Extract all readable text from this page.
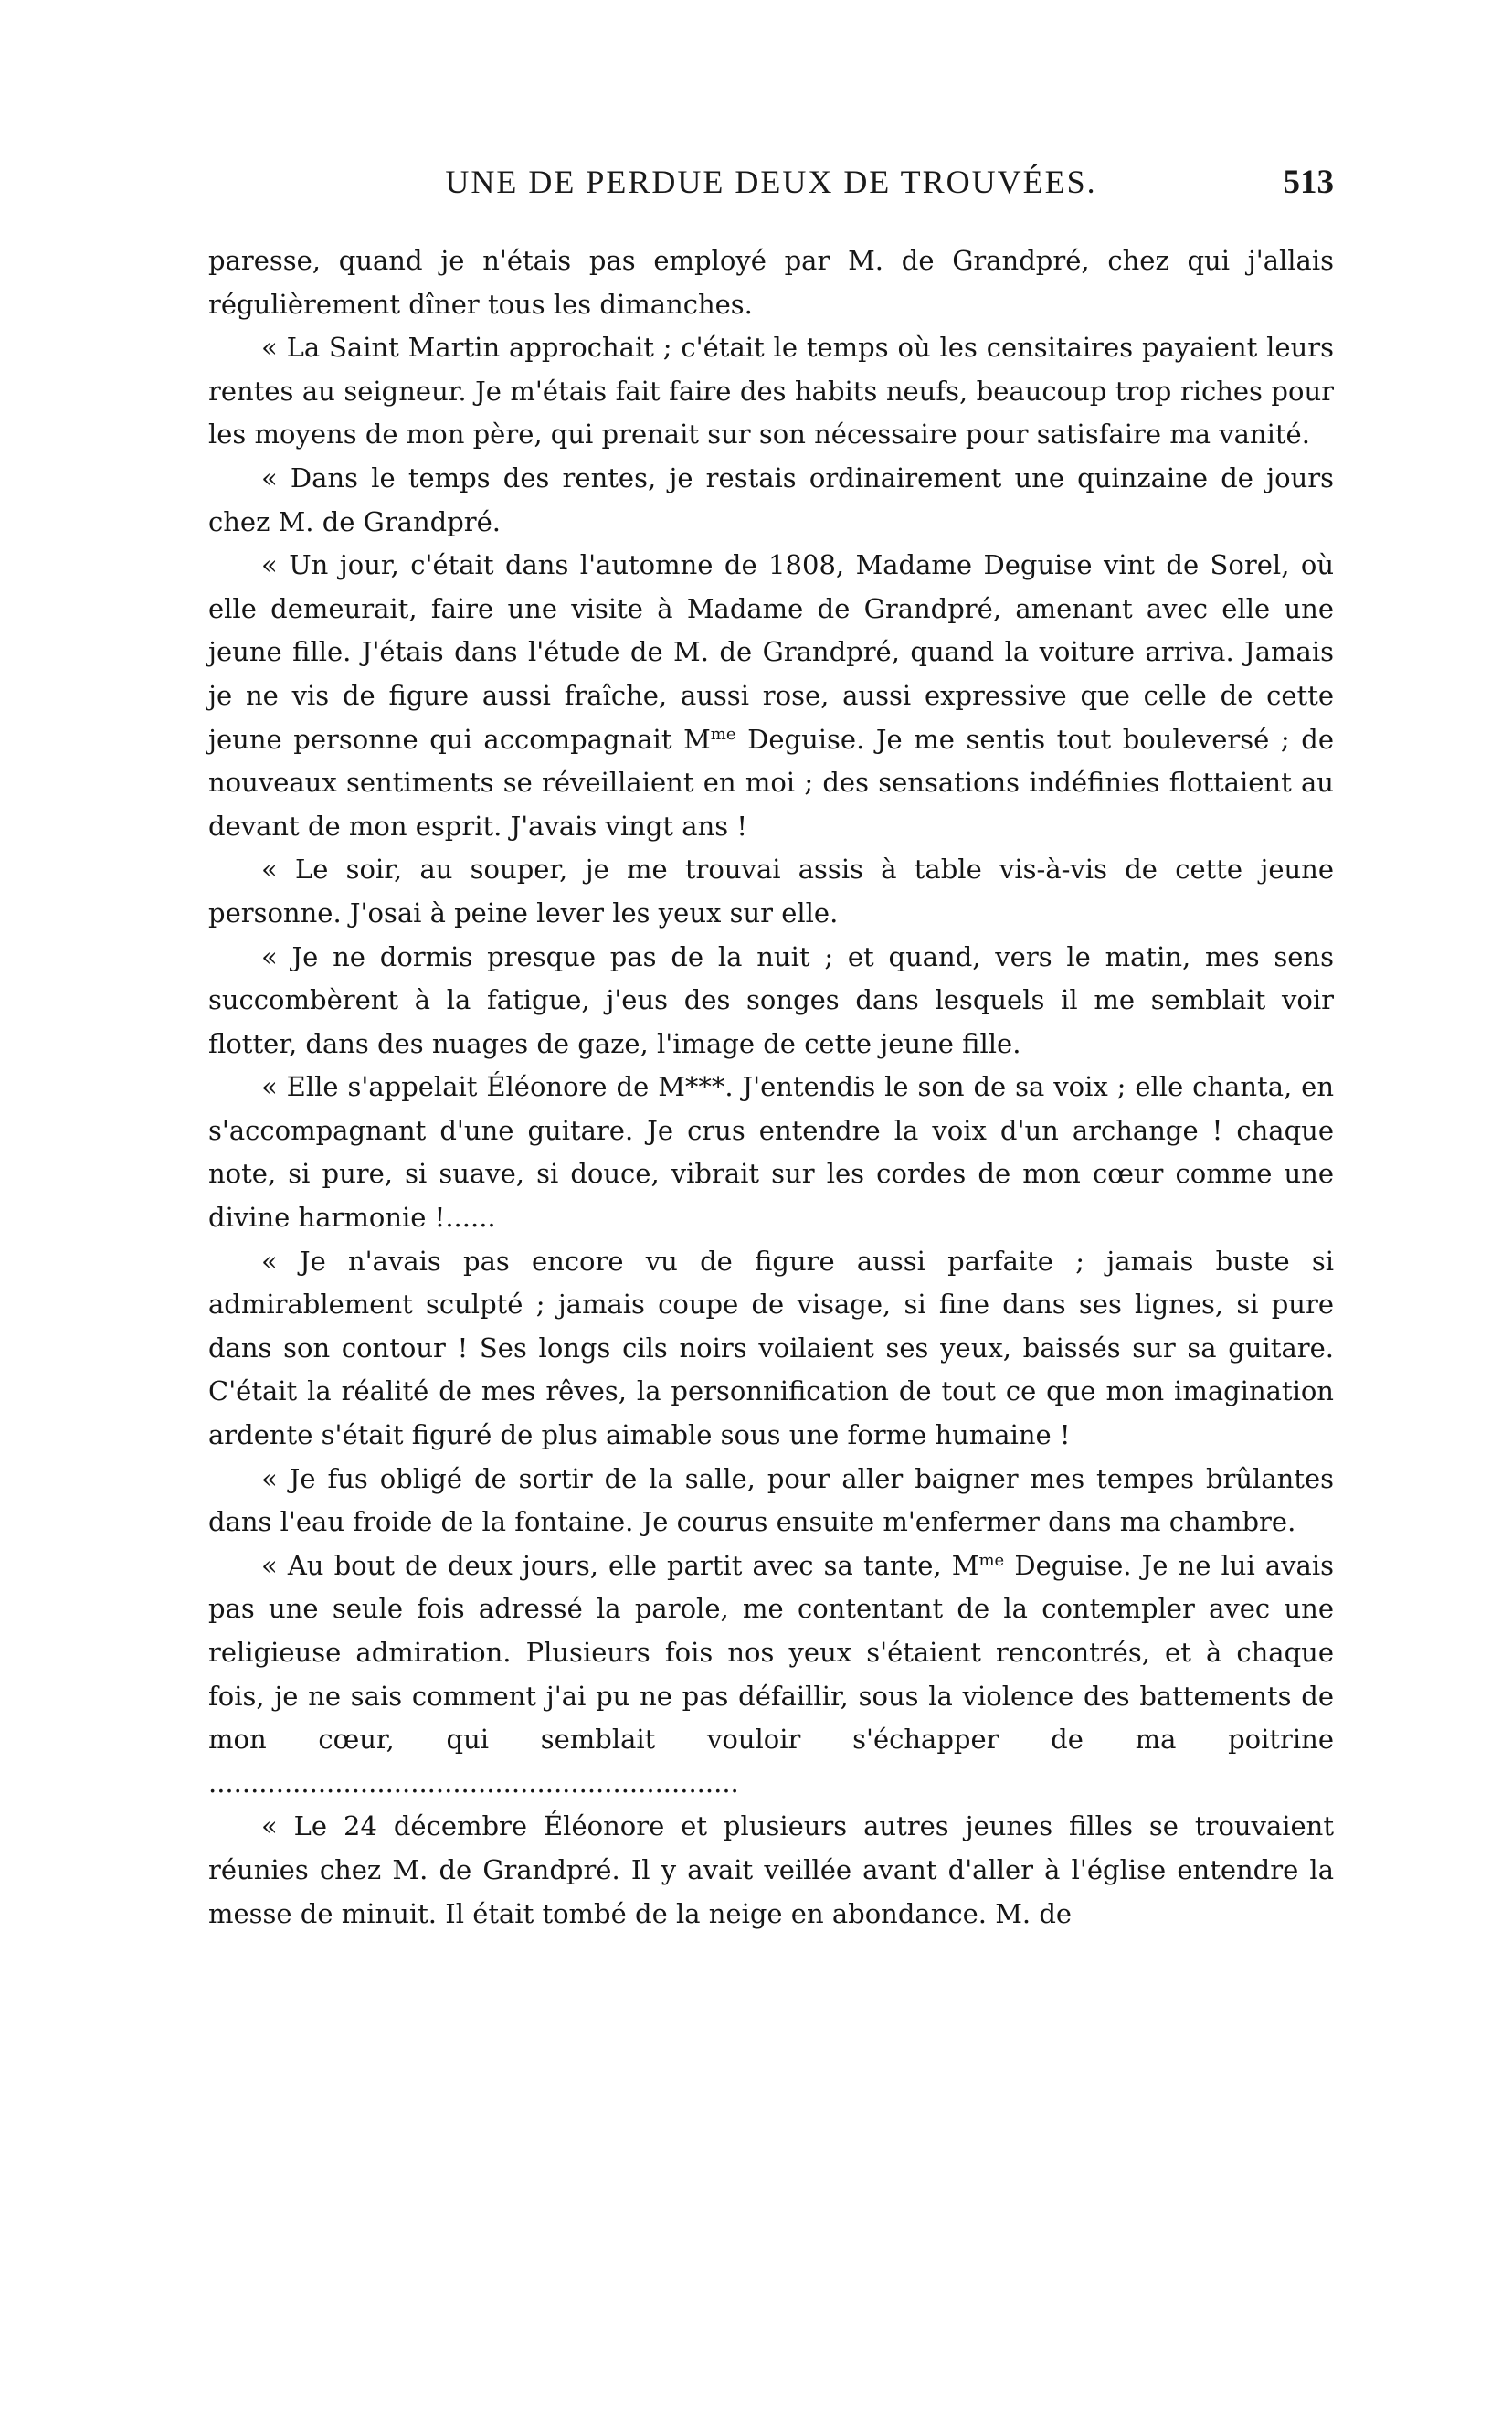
UNE DE PERDUE DEUX DE TROUVÉES.	513

paresse, quand je n'étais pas employé par M. de Grandpré, chez qui j'allais régulièrement dîner tous les dimanches.

« La Saint Martin approchait ; c'était le temps où les censitaires payaient leurs rentes au seigneur. Je m'étais fait faire des habits neufs, beaucoup trop riches pour les moyens de mon père, qui prenait sur son nécessaire pour satisfaire ma vanité.

« Dans le temps des rentes, je restais ordinairement une quinzaine de jours chez M. de Grandpré.

« Un jour, c'était dans l'automne de 1808, Madame Deguise vint de Sorel, où elle demeurait, faire une visite à Madame de Grandpré, amenant avec elle une jeune fille. J'étais dans l'étude de M. de Grandpré, quand la voiture arriva. Jamais je ne vis de figure aussi fraîche, aussi rose, aussi expressive que celle de cette jeune personne qui accompagnait $M^{me}$ Deguise. Je me sentis tout bouleversé ; de nouveaux sentiments se réveillaient en moi ; des sensations indéfinies flottaient au devant de mon esprit. J'avais vingt ans !

« Le soir, au souper, je me trouvai assis à table vis-à-vis de cette jeune personne. J'osai à peine lever les yeux sur elle.

« Je ne dormis presque pas de la nuit ; et quand, vers le matin, mes sens succombèrent à la fatigue, j'eus des songes dans lesquels il me semblait voir flotter, dans des nuages de gaze, l'image de cette jeune fille.

« Elle s'appelait Éléonore de M***. J'entendis le son de sa voix ; elle chanta, en s'accompagnant d'une guitare. Je crus entendre la voix d'un archange ! chaque note, si pure, si suave, si douce, vibrait sur les cordes de mon cœur comme une divine harmonie !......

« Je n'avais pas encore vu de figure aussi parfaite ; jamais buste si admirablement sculpté ; jamais coupe de visage, si fine dans ses lignes, si pure dans son contour ! Ses longs cils noirs voilaient ses yeux, baissés sur sa guitare. C'était la réalité de mes rêves, la personnification de tout ce que mon imagination ardente s'était figuré de plus aimable sous une forme humaine !

« Je fus obligé de sortir de la salle, pour aller baigner mes tempes brûlantes dans l'eau froide de la fontaine. Je courus ensuite m'enfermer dans ma chambre.

« Au bout de deux jours, elle partit avec sa tante, $M^{me}$ Deguise. Je ne lui avais pas une seule fois adressé la parole, me contentant de la contempler avec une religieuse admiration. Plusieurs fois nos yeux s'étaient rencontrés, et à chaque fois, je ne sais comment j'ai pu ne pas défaillir, sous la violence des battements de mon cœur, qui semblait vouloir s'échapper de ma poitrine ...............................................................

« Le 24 décembre Éléonore et plusieurs autres jeunes filles se trouvaient réunies chez M. de Grandpré. Il y avait veillée avant d'aller à l'église entendre la messe de minuit. Il était tombé de la neige en abondance. M. de
